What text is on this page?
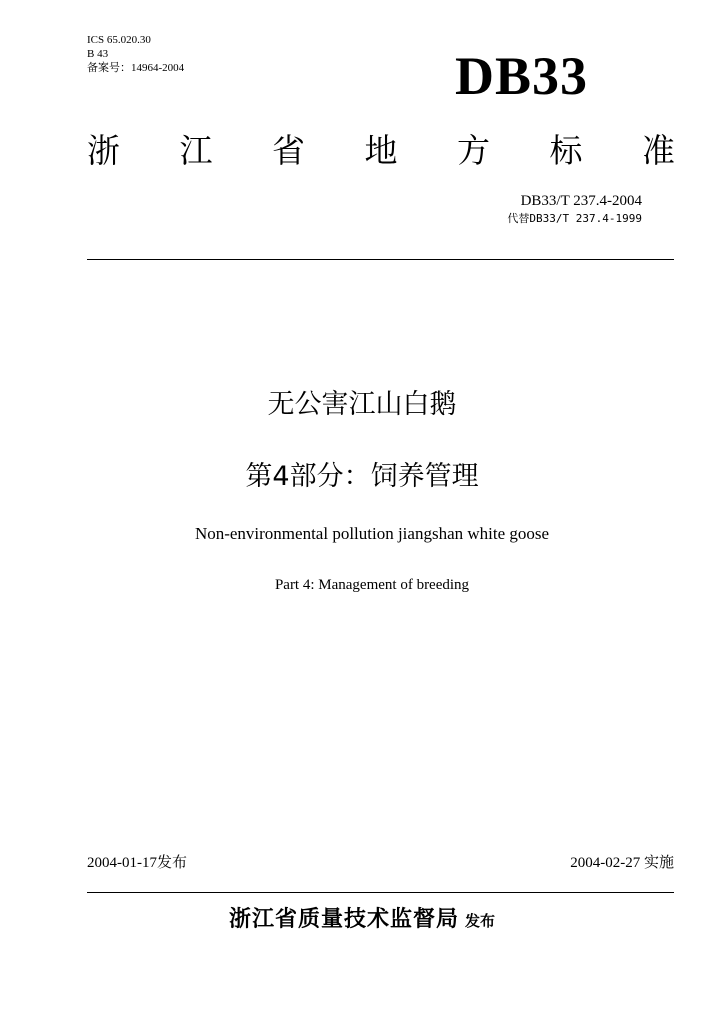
ICS 65.020.30
B 43
备案号：14964-2004	DB33
浙 江 省 地 方 标 准
DB33/T 237.4-2004
代替DB33/T 237.4-1999
无公害江山白鹅
第4部分：饲养管理
Non-environmental pollution jiangshan white goose
Part 4: Management of breeding
2004-01-17发布	2004-02-27 实施
浙江省质量技术监督局 发布
